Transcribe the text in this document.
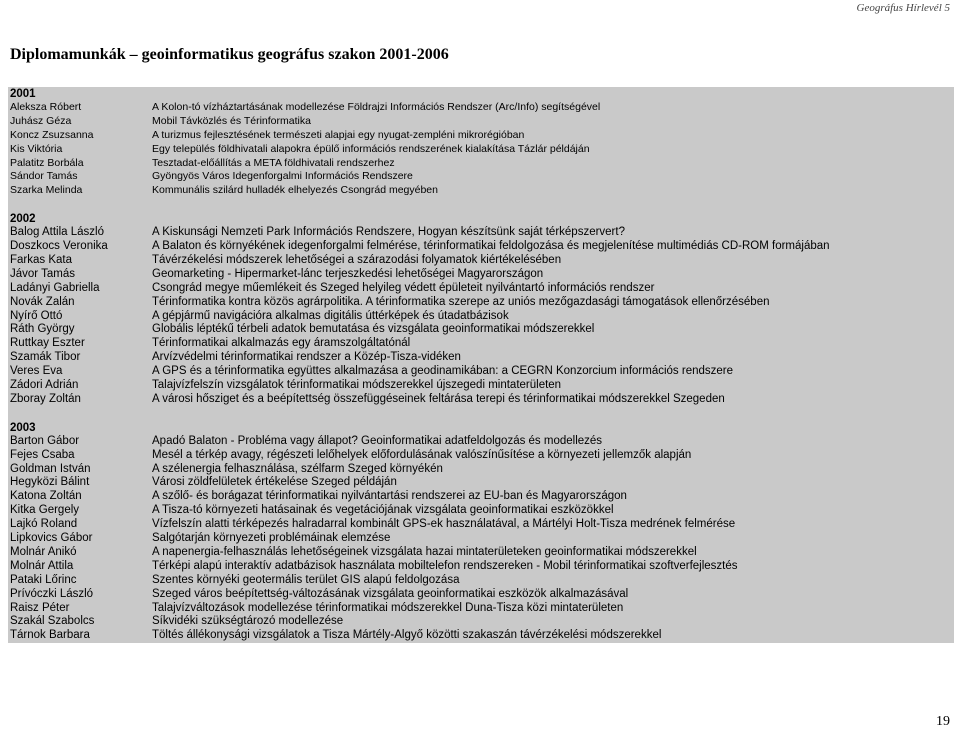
Geográfus Hírlevél 5
Diplomamunkák – geoinformatikus geográfus szakon 2001-2006
2001
Aleksza Róbert	A Kolon-tó vízháztartásának modellezése Földrajzi Információs Rendszer (Arc/Info) segítségével
Juhász Géza	Mobil Távközlés és Térinformatika
Koncz Zsuzsanna	A turizmus fejlesztésének természeti alapjai egy nyugat-zempléni mikrorégióban
Kis Viktória	Egy település földhivatali alapokra épülő információs rendszerének kialakítása Tázlár példáján
Palatitz Borbála	Tesztadat-előállítás a META földhivatali rendszerhez
Sándor Tamás	Gyöngyös Város Idegenforgalmi Információs Rendszere
Szarka Melinda	Kommunális szilárd hulladék elhelyezés Csongrád megyében
2002
Balog Attila László	A Kiskunsági Nemzeti Park Információs Rendszere, Hogyan készítsünk saját térképszervert?
Doszkocs Veronika	A Balaton és környékének idegenforgalmi felmérése, térinformatikai feldolgozása és megjelenítése multimédiás CD-ROM formájában
Farkas Kata	Távérzékelési módszerek lehetőségei a szárazodási folyamatok kiértékelésében
Jávor Tamás	Geomarketing - Hipermarket-lánc terjeszkedési lehetőségei Magyarországon
Ladányi Gabriella	Csongrád megye műemlékeit és Szeged helyileg védett épületeit nyilvántartó információs rendszer
Novák Zalán	Térinformatika kontra közös agrárpolitika. A térinformatika szerepe az uniós mezőgazdasági támogatások ellenőrzésében
Nyírő Ottó	A gépjármű navigációra alkalmas digitális úttérképek és útadatbázisok
Ráth György	Globális léptékű térbeli adatok bemutatása és vizsgálata geoinformatikai módszerekkel
Ruttkay Eszter	Térinformatikai alkalmazás egy áramszolgáltatónál
Szamák Tibor	Árvízvédelmi térinformatikai rendszer a Közép-Tisza-vidéken
Veres Éva	A GPS és a térinformatika együttes alkalmazása a geodinamikában: a CEGRN Konzorcium információs rendszere
Zádori Adrián	Talajvízfelszín vizsgálatok térinformatikai módszerekkel újszegedi mintaterületen
Zboray Zoltán	A városi hősziget és a beépítettség összefüggéseinek feltárása terepi és térinformatikai módszerekkel Szegeden
2003
Barton Gábor	Apadó Balaton - Probléma vagy állapot? Geoinformatikai adatfeldolgozás és modellezés
Fejes Csaba	Mesél a térkép avagy, régészeti lelőhelyek előfordulásának valószínűsítése a környezeti jellemzők alapján
Goldman István	A szélenergia felhasználása, szélfarm Szeged környékén
Hegyközi Bálint	Városi zöldfelületek értékelése Szeged példáján
Katona Zoltán	A szőlő- és borágazat térinformatikai nyilvántartási rendszerei az EU-ban és Magyarországon
Kitka Gergely	A Tisza-tó környezeti hatásainak és vegetációjának vizsgálata geoinformatikai eszközökkel
Lajkó Roland	Vízfelszín alatti térképezés halradarral kombinált GPS-ek használatával, a Mártélyi Holt-Tisza medrének felmérése
Lipkovics Gábor	Salgótarján környezeti problémáinak elemzése
Molnár Anikó	A napenergia-felhasználás lehetőségeinek vizsgálata hazai mintaterületeken geoinformatikai módszerekkel
Molnár Attila	Térképi alapú interaktív adatbázisok használata mobiltelefon rendszereken - Mobil térinformatikai szoftverfejlesztés
Pataki Lőrinc	Szentes környéki geotermális terület GIS alapú feldolgozása
Prívóczki László	Szeged város beépítettség-változásának vizsgálata geoinformatikai eszközök alkalmazásával
Raisz Péter	Talajvízváltozások modellezése térinformatikai módszerekkel Duna-Tisza közi mintaterületen
Szakál Szabolcs	Síkvidéki szükségtározó modellezése
Tárnok Barbara	Töltés állékonysági vizsgálatok a Tisza Mártély-Algyő közötti szakaszán távérzékelési módszerekkel
19
